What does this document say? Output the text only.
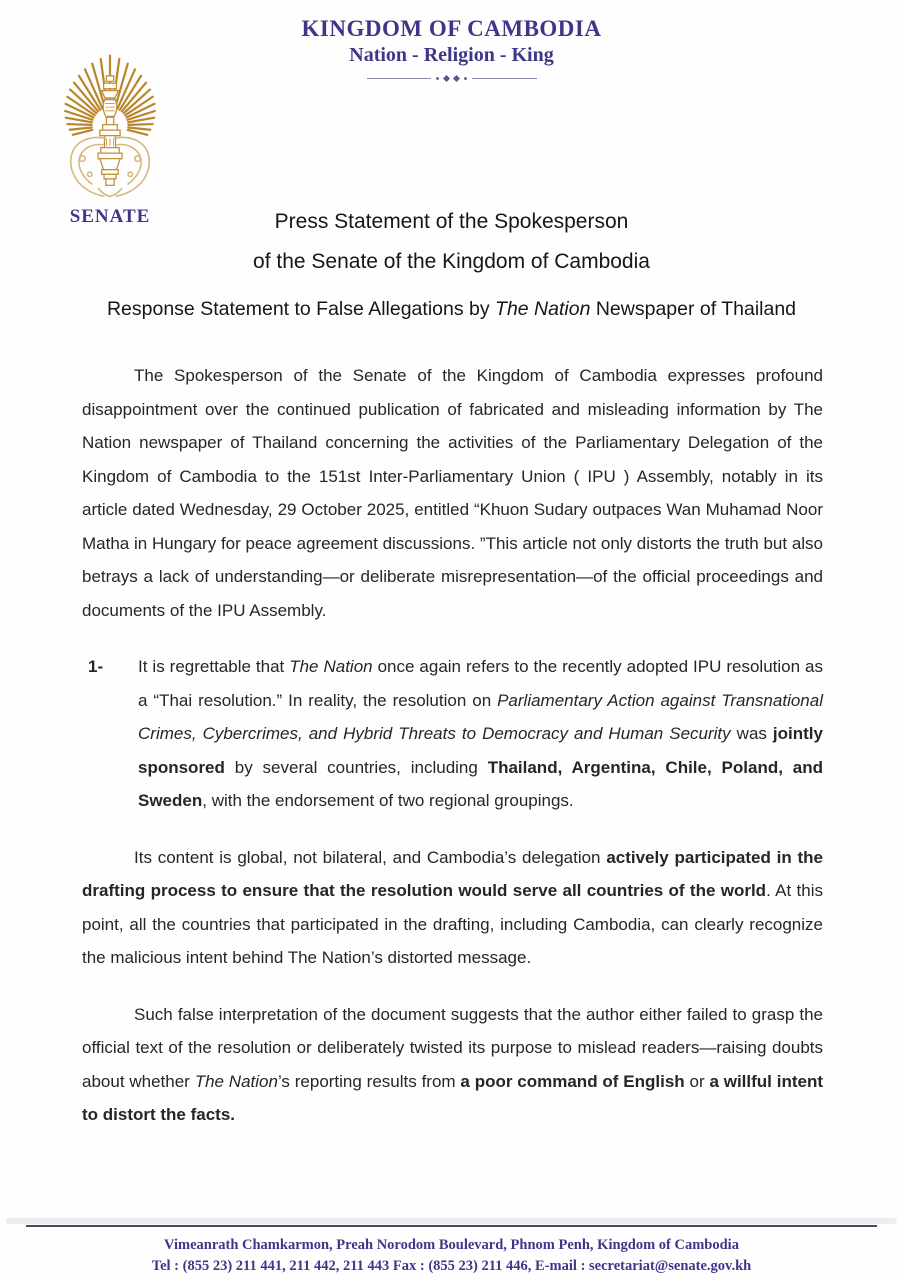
SENATE
KINGDOM OF CAMBODIA
Nation - Religion - King
Press Statement of the Spokesperson
of the Senate of the Kingdom of Cambodia
Response Statement to False Allegations by The Nation Newspaper of Thailand

The Spokesperson of the Senate of the Kingdom of Cambodia expresses profound disappointment over the continued publication of fabricated and misleading information by The Nation newspaper of Thailand concerning the activities of the Parliamentary Delegation of the Kingdom of Cambodia to the 151st Inter-Parliamentary Union ( IPU ) Assembly, notably in its article dated Wednesday, 29 October 2025, entitled “Khuon Sudary outpaces Wan Muhamad Noor Matha in Hungary for peace agreement discussions. ”This article not only distorts the truth but also betrays a lack of understanding—or deliberate misrepresentation—of the official proceedings and documents of the IPU Assembly.

1- It is regrettable that The Nation once again refers to the recently adopted IPU resolution as a “Thai resolution.” In reality, the resolution on Parliamentary Action against Transnational Crimes, Cybercrimes, and Hybrid Threats to Democracy and Human Security was jointly sponsored by several countries, including Thailand, Argentina, Chile, Poland, and Sweden, with the endorsement of two regional groupings.

Its content is global, not bilateral, and Cambodia’s delegation actively participated in the drafting process to ensure that the resolution would serve all countries of the world. At this point, all the countries that participated in the drafting, including Cambodia, can clearly recognize the malicious intent behind The Nation’s distorted message.

Such false interpretation of the document suggests that the author either failed to grasp the official text of the resolution or deliberately twisted its purpose to mislead readers—raising doubts about whether The Nation’s reporting results from a poor command of English or a willful intent to distort the facts.

Vimeanrath Chamkarmon, Preah Norodom Boulevard, Phnom Penh, Kingdom of Cambodia
Tel : (855 23) 211 441, 211 442, 211 443 Fax : (855 23) 211 446, E-mail : secretariat@senate.gov.kh
